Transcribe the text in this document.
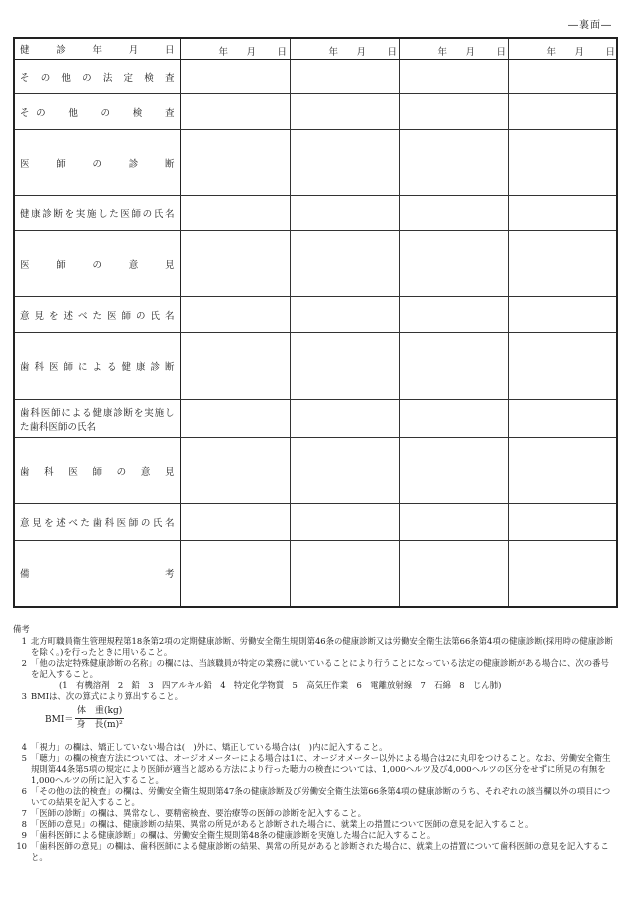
―裏面―
健　診　年　月　日	年 月 日	年 月 日	年 月 日	年 月 日

その他の法定検査				
その　他　の　検　査				
医　師　の　診　断				
健康診断を実施した医師の氏名				
医　師　の　意　見				
意見を述べた医師の氏名				
歯科医師による健康診断				

歯科医師による健康診断を実施し
た歯科医師の氏名				

歯　科　医　師　の　意　見				
意見を述べた歯科医師の氏名				

備 考				

備考
1 北方町職員衛生管理規程第18条第2項の定期健康診断、労働安全衛生規則第46条の健康診断又は労働安全衛生法第66条第4項の健康診断(採用時の健康診断を除く。)を行ったときに用いること。
2 「他の法定特殊健康診断の名称」の欄には、当該職員が特定の業務に就いていることにより行うことになっている法定の健康診断がある場合に、次の番号を記入すること。
(1　有機溶剤　2　鉛　3　四アルキル鉛　4　特定化学物質　5　高気圧作業　6　電離放射線　7　石綿　8　じん肺)
3 BMIは、次の算式により算出すること。
BMI＝
体　重(kg)
身　長(m)²
4 「視力」の欄は、矯正していない場合は(　)外に、矯正している場合は(　)内に記入すること。
5 「聴力」の欄の検査方法については、オージオメーターによる場合は1に、オージオメーター以外による場合は2に丸印をつけること。なお、労働安全衛生規則第44条第5項の規定により医師が適当と認める方法により行った聴力の検査については、1,000ヘルツ及び4,000ヘルツの区分をせずに所見の有無を1,000ヘルツの所に記入すること。
6 「その他の法的検査」の欄は、労働安全衛生規則第47条の健康診断及び労働安全衛生法第66条第4項の健康診断のうち、それぞれの該当欄以外の項目についての結果を記入すること。
7 「医師の診断」の欄は、異常なし、要精密検査、要治療等の医師の診断を記入すること。
8 「医師の意見」の欄は、健康診断の結果、異常の所見があると診断された場合に、就業上の措置について医師の意見を記入すること。
9 「歯科医師による健康診断」の欄は、労働安全衛生規則第48条の健康診断を実施した場合に記入すること。
10 「歯科医師の意見」の欄は、歯科医師による健康診断の結果、異常の所見があると診断された場合に、就業上の措置について歯科医師の意見を記入すること。
